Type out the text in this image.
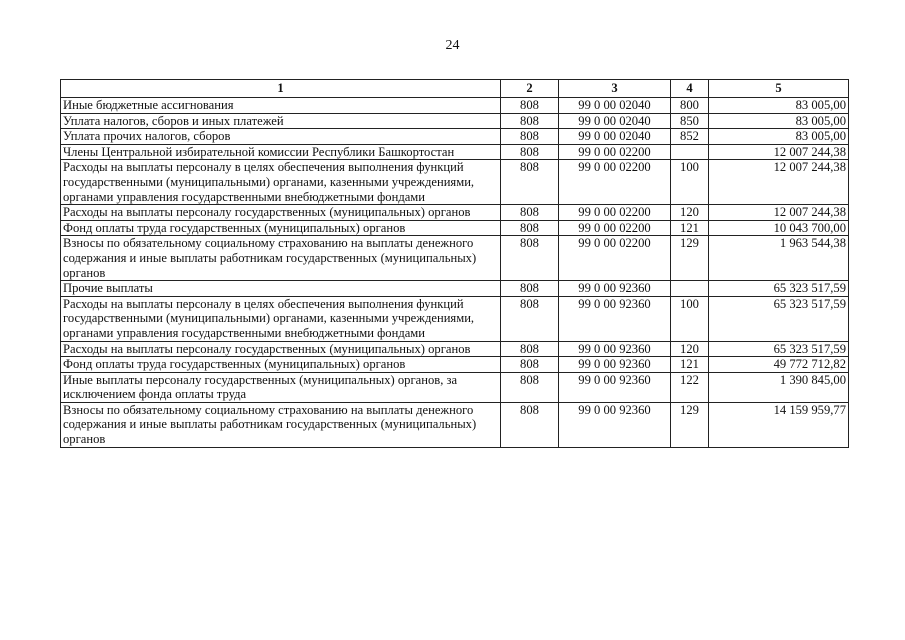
24
1	2	3	4	5
Иные бюджетные ассигнования	808	99 0 00 02040	800	83 005,00
Уплата налогов, сборов и иных платежей	808	99 0 00 02040	850	83 005,00
Уплата прочих налогов, сборов	808	99 0 00 02040	852	83 005,00
Члены Центральной избирательной комиссии Республики Башкортостан	808	99 0 00 02200		12 007 244,38
Расходы на выплаты персоналу в целях обеспечения выполнения функций государственными (муниципальными) органами, казенными учреждениями, органами управления государственными внебюджетными фондами	808	99 0 00 02200	100	12 007 244,38
Расходы на выплаты персоналу государственных (муниципальных) органов	808	99 0 00 02200	120	12 007 244,38
Фонд оплаты труда государственных (муниципальных) органов	808	99 0 00 02200	121	10 043 700,00
Взносы по обязательному социальному страхованию на выплаты денежного содержания и иные выплаты работникам государственных (муниципальных) органов	808	99 0 00 02200	129	1 963 544,38
Прочие выплаты	808	99 0 00 92360		65 323 517,59
Расходы на выплаты персоналу в целях обеспечения выполнения функций государственными (муниципальными) органами, казенными учреждениями, органами управления государственными внебюджетными фондами	808	99 0 00 92360	100	65 323 517,59
Расходы на выплаты персоналу государственных (муниципальных) органов	808	99 0 00 92360	120	65 323 517,59
Фонд оплаты труда государственных (муниципальных) органов	808	99 0 00 92360	121	49 772 712,82
Иные выплаты персоналу государственных (муниципальных) органов, за исключением фонда оплаты труда	808	99 0 00 92360	122	1 390 845,00
Взносы по обязательному социальному страхованию на выплаты денежного содержания и иные выплаты работникам государственных (муниципальных) органов	808	99 0 00 92360	129	14 159 959,77
